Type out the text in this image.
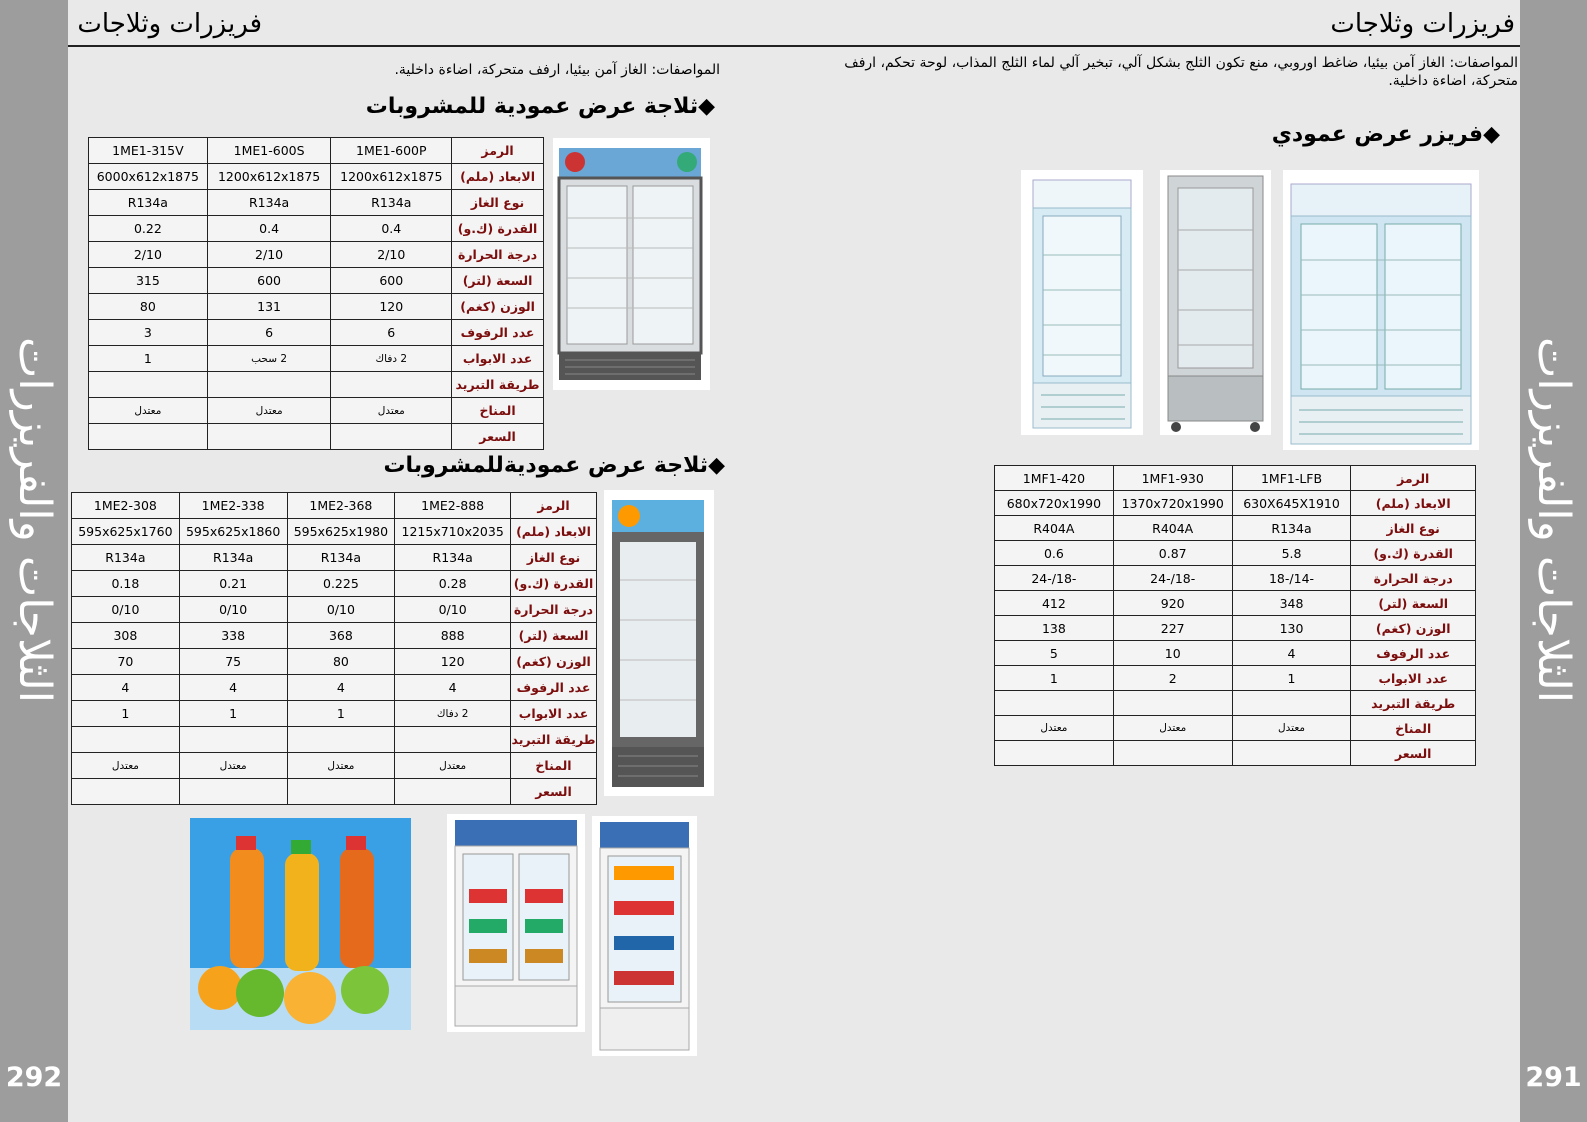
الثلاجات والفريزرات
292
الثلاجات والفريزرات
291
فريزرات وثلاجات	فريزرات وثلاجات
المواصفات: الغاز آمن بيئيا، ارفف متحركة، اضاءة داخلية.	المواصفات: الغاز آمن بيئيا، ضاغط اوروبي، منع تكون الثلج بشكل آلي، تبخير آلي لماء الثلج المذاب، لوحة تحكم، ارفف متحركة، اضاءة داخلية.
◆ثلاجة عرض عمودية للمشروبات
◆ثلاجة عرض عموديةللمشروبات
◆فريزر عرض عمودي
الرمز	1ME1-600P	1ME1-600S	1ME1-315V
الابعاد (ملم)	1200x612x1875	1200x612x1875	6000x612x1875
نوع الغاز	R134a	R134a	R134a
القدرة (ك.و)	0.4	0.4	0.22
درجة الحرارة	2/10	2/10	2/10
السعة (لتر)	600	600	315
الوزن (كغم)	120	131	80
عدد الرفوف	6	6	3
عدد الابواب	2 دفاك	2 سحب	1
طريقة التبريد			
المناخ	معتدل	معتدل	معتدل
السعر			
الرمز	1ME2-888	1ME2-368	1ME2-338	1ME2-308
الابعاد (ملم)	1215x710x2035	595x625x1980	595x625x1860	595x625x1760
نوع الغاز	R134a	R134a	R134a	R134a
القدرة (ك.و)	0.28	0.225	0.21	0.18
درجة الحرارة	0/10	0/10	0/10	0/10
السعة (لتر)	888	368	338	308
الوزن (كغم)	120	80	75	70
عدد الرفوف	4	4	4	4
عدد الابواب	2 دفاك	1	1	1
طريقة التبريد				
المناخ	معتدل	معتدل	معتدل	معتدل
السعر				
الرمز	1MF1-LFB	1MF1-930	1MF1-420
الابعاد (ملم)	630X645X1910	1370x720x1990	680x720x1990
نوع الغاز	R134a	R404A	R404A
القدرة (ك.و)	5.8	0.87	0.6
درجة الحرارة	-14/-18	-18/-24	-18/-24
السعة (لتر)	348	920	412
الوزن (كغم)	130	227	138
عدد الرفوف	4	10	5
عدد الابواب	1	2	1
طريقة التبريد			
المناخ	معتدل	معتدل	معتدل
السعر			
